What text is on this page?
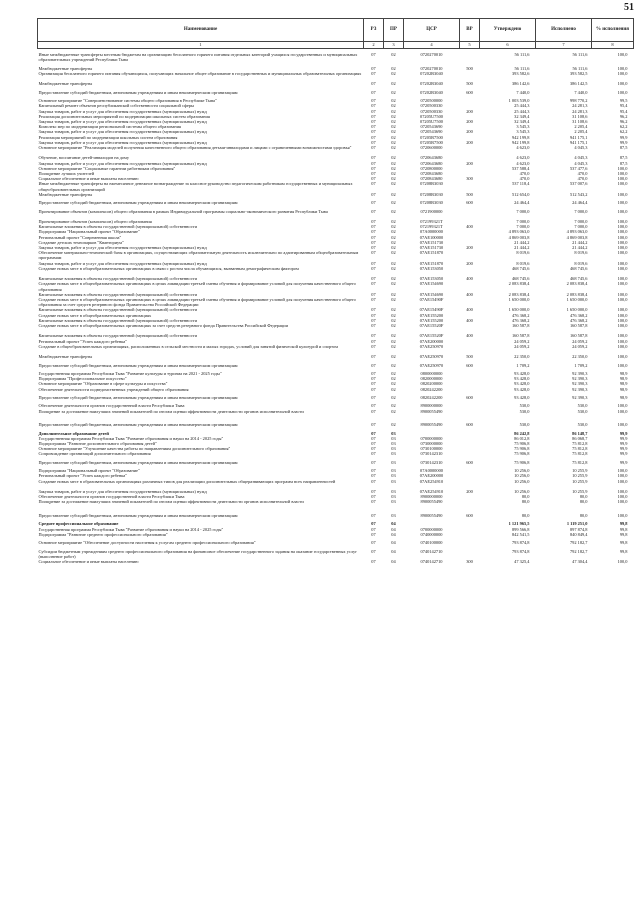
51
Наименование	РЗ	ПР	ЦСР	ВР	Утверждено	Исполнено	% исполнения
1	2	3	4	5	6	7	8

Иные межбюджетные трансферты местным бюджетам на организацию бесплатного горячего питания отдельных категорий учащихся государственных и муниципальных образовательных учреждений Республики Тыва	07	02	0720270010		56 111,6	56 111,6	100,0

Межбюджетные трансферты	07	02	0720270010	500	56 111,6	56 111,6	100,0
Организация бесплатного горячего питания обучающихся, получающих начальное общее образование в государственных и муниципальных образовательных организациях	07	02	07202R3040		393 582,6	393 582,5	100,0
Межбюджетные трансферты	07	02	07202R3040	500	386 142,6	386 142,5	100,0

Предоставление субсидий бюджетным, автономным учреждениям и иным некоммерческим организациям	07	02	07202R3040	600	7 440,0	7 440,0	100,0

Основное мероприятие "Совершенствование системы общего образования в Республике Тыва"	07	02	0720500000		1 003 539,0	998 770,2	99,5
Капитальный ремонт объектов республиканской собственности социальной сферы	07	02	0720500330		25 444,3	24 281,3	95,4
Закупка товаров, работ и услуг для обеспечения государственных (муниципальных) нужд	07	02	0720500330	200	25 444,3	24 281,3	95,4
Реализация дополнительных мероприятий по модернизации школьных систем образования	07	02	07205U7500		32 349,4	31 108,6	96,2
Закупка товаров, работ и услуг для обеспечения государственных (муниципальных) нужд	07	02	07205U7500	200	32 349,4	31 108,6	96,2
Комплекс мер по модернизации региональной системы общего образования	07	02	0720543690		3 545,3	2 205,4	62,2
Закупка товаров, работ и услуг для обеспечения государственных (муниципальных) нужд	07	02	0720543690	200	3 545,3	2 205,4	62,2
Реализация мероприятий по модернизации школьных систем образования	07	02	07205R7500		942 199,8	941 175,1	99,9
Закупка товаров, работ и услуг для обеспечения государственных (муниципальных) нужд	07	02	07205R7500	200	942 199,8	941 175,1	99,9
Основное мероприятие "Реализация моделей получения качественного общего образования детьми-инвалидами и лицами с ограниченными возможностями здоровья"	07	02	0720600000		4 623,0	4 045,3	87,5
Обучение, воспитание детей-инвалидов на дому	07	02	0720643680		4 623,0	4 045,3	87,5
Закупка товаров, работ и услуг для обеспечения государственных (муниципальных) нужд	07	02	0720643680	200	4 623,0	4 045,3	87,5
Основное мероприятие "Социальные гарантии работникам образования"	07	02	0720800000		537 588,4	537 477,6	100,0
Поощрение лучших учителей	07	02	0720843680		470,0	470,0	100,0
Социальное обеспечение и иные выплаты населению	07	02	0720843680	300	470,0	470,0	100,0
Иные межбюджетные трансферты на ежемесячное денежное вознаграждение за классное руководство педагогическим работникам государственных и муниципальных общеобразовательных организаций	07	02	07208R3030		537 118,4	537 007,6	100,0
Межбюджетные трансферты	07	02	07208R3030	500	512 654,0	512 543,2	100,0

Предоставление субсидий бюджетным, автономным учреждениям и иным некоммерческим организациям	07	02	07208R3030	600	24 464,4	24 464,4	100,0

Проектирование объектов (комплексов) общего образования в рамках Индивидуальной программы социально-экономического развития Республики Тыва	07	02	0721900000		7 000,0	7 000,0	100,0
Проектирование объектов (комплексов) общего образования	07	02	072199321T		7 000,0	7 000,0	100,0
Капитальные вложения в объекты государственной (муниципальной) собственности	07	02	072199321T	400	7 000,0	7 000,0	100,0
Подпрограмма "Национальный проект "Образование"	07	02	07A0000000		4 893 063,0	4 893 063,0	100,0
Региональный проект "Современная школа"	07	02	07AE100000		4 869 003,8	4 869 003,8	100,0
Создание детских технопарков "Кванториум"	07	02	07AE151730		21 444,2	21 444,2	100,0
Закупка товаров, работ и услуг для обеспечения государственных (муниципальных) нужд	07	02	07AE151730	200	21 444,2	21 444,2	100,0
Обеспечение материально-технической базы в организациях, осуществляющих образовательную деятельность исключительно по адаптированным общеобразовательным программам	07	02	07AE151870		8 019,6	8 019,6	100,0
Закупка товаров, работ и услуг для обеспечения государственных (муниципальных) нужд	07	02	07AE151870	200	8 019,6	8 019,6	100,0
Создание новых мест в общеобразовательных организациях в связи с ростом числа обучающихся, вызванным демографическим фактором	07	02	07AE153050		468 745,6	468 745,6	100,0
Капитальные вложения в объекты государственной (муниципальной) собственности	07	02	07AE153050	400	468 745,6	468 745,6	100,0
Создание новых мест в общеобразовательных организациях в целях ликвидации третьей смены обучения и формирование условий для получения качественного общего образования	07	02	07AE154690		2 083 838,4	2 083 838,4	100,0
Капитальные вложения в объекты государственной (муниципальной) собственности	07	02	07AE154690	400	2 083 838,4	2 083 838,4	100,0
Создание новых мест в общеобразовательных организациях в целях ликвидации третьей смены обучения и формирование условий для получения качественного общего образования за счет средств резервного фонда Правительства Российской Федерации	07	02	07AE15490F		1 650 000,0	1 650 000,0	100,0
Капитальные вложения в объекты государственной (муниципальной) собственности	07	02	07AE15490F	400	1 650 000,0	1 650 000,0	100,0
Создание новых мест в общеобразовательных организациях	07	02	07AE155200		476 368,2	476 368,2	100,0
Капитальные вложения в объекты государственной (муниципальной) собственности	07	02	07AE155200	400	476 368,2	476 368,2	100,0
Создание новых мест в общеобразовательных организациях за счет средств резервного фонда Правительства Российской Федерации	07	02	07AE15520F		160 587,8	160 587,8	100,0
Капитальные вложения в объекты государственной (муниципальной) собственности	07	02	07AE15520F	400	160 587,8	160 587,8	100,0
Региональный проект "Успех каждого ребенка"	07	02	07AE200000		24 059,2	24 059,2	100,0
Создание в общеобразовательных организациях, расположенных в сельской местности и малых городах, условий для занятий физической культурой и спортом	07	02	07AE250970		24 059,2	24 059,2	100,0
Межбюджетные трансферты	07	02	07AE250970	500	22 350,0	22 350,0	100,0

Предоставление субсидий бюджетным, автономным учреждениям и иным некоммерческим организациям	07	02	07AE250970	600	1 709,2	1 709,2	100,0

Государственная программа Республики Тыва "Развитие культуры и туризма на 2021 - 2025 годы"	07	02	0800000000		93 428,0	92 390,3	98,9
Подпрограмма "Профессиональное искусство"	07	02	0820000000		93 428,0	92 390,3	98,9
Основное мероприятие "Образование в сфере культуры и искусства"	07	02	0820200000		93 428,0	92 390,3	98,9
Обеспечение деятельности подведомственных учреждений общего образования	07	02	0820242200		93 428,0	92 390,3	98,9

Предоставление субсидий бюджетным, автономным учреждениям и иным некоммерческим организациям	07	02	0820242200	600	93 428,0	92 390,3	98,9

Обеспечение деятельности органов государственной власти Республики Тыва	07	02	8900000000		530,0	530,0	100,0
Поощрение за достижение наилучших значений показателей по итогам оценки эффективности деятельности органов исполнительной власти	07	02	8900055490		530,0	530,0	100,0

Предоставление субсидий бюджетным, автономным учреждениям и иным некоммерческим организациям	07	02	8900055490	600	530,0	530,0	100,0

Дополнительное образование детей	07	03			86 242,8	86 148,7	99,9
Государственная программа Республики Тыва "Развитие образования и науки на 2014 - 2025 годы"	07	03	0700000000		86 012,8	86 068,7	99,9
Подпрограмма "Развитие дополнительного образования детей"	07	03	0730000000		75 906,8	75 812,8	99,9
Основное мероприятие "Улучшение качества работы по направлениям дополнительного образования"	07	03	0730100000		75 906,8	75 812,8	99,9
Сопровождение организаций дополнительного образования	07	03	0730142310		75 906,8	75 812,8	99,9

Предоставление субсидий бюджетным, автономным учреждениям и иным некоммерческим организациям	07	03	0730142310	600	75 906,8	75 812,8	99,9

Подпрограмма "Национальный проект "Образование"	07	03	07A0000000		10 256,0	10 255,9	100,0
Региональный проект "Успех каждого ребенка"	07	03	07AE200000		10 256,0	10 255,9	100,0
Создание новых мест в образовательных организациях различных типов для реализации дополнительных общеразвивающих программ всех направленностей	07	03	07AE254910		10 256,0	10 255,9	100,0
Закупка товаров, работ и услуг для обеспечения государственных (муниципальных) нужд	07	03	07AE254910	200	10 256,0	10 255,9	100,0
Обеспечение деятельности органов государственной власти Республики Тыва	07	03	8900000000		80,0	80,0	100,0
Поощрение за достижение наилучших значений показателей по итогам оценки эффективности деятельности органов исполнительной власти	07	03	8900055490		80,0	80,0	100,0

Предоставление субсидий бюджетным, автономным учреждениям и иным некоммерческим организациям	07	03	8900055490	600	80,0	80,0	100,0

Среднее профессиональное образование	07	04			1 121 965,5	1 119 251,0	99,8
Государственная программа Республики Тыва "Развитие образования и науки на 2014 - 2025 годы"	07	04	0700000000		899 566,8	897 874,8	99,8
Подпрограмма "Развитие среднего профессионального образования"	07	04	0740000000		842 541,5	840 849,4	99,8

Основное мероприятие "Обеспечение доступности населения к услугам среднего профессионального образования"	07	04	0740100000		793 874,8	792 182,7	99,8

Субсидии бюджетным учреждениям среднего профессионального образования на финансовое обеспечение государственного задания на оказание государственных услуг (выполнение работ)	07	04	0740142710		793 874,8	792 182,7	99,8
Социальное обеспечение и иные выплаты населению	07	04	0740142710	300	47 325,4	47 304,4	100,0
